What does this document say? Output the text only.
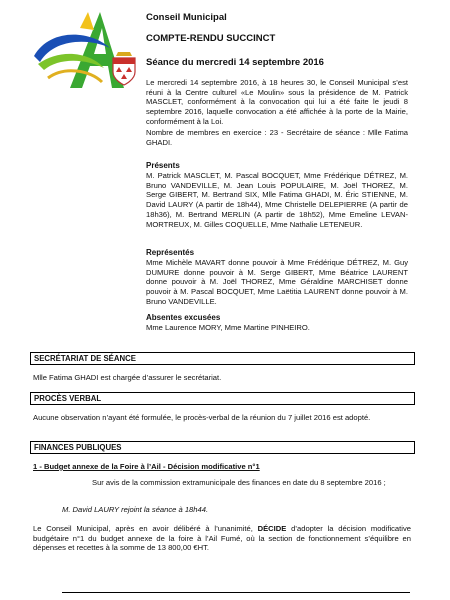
Conseil Municipal
COMPTE-RENDU SUCCINCT
Séance du mercredi 14 septembre 2016
Le mercredi 14 septembre 2016, à 18 heures 30, le Conseil Municipal s’est réuni à la Centre culturel «Le Moulin» sous la présidence de M. Patrick MASCLET, conformément à la convocation qui lui a été faite le jeudi 8 septembre 2016, laquelle convocation a été affichée à la porte de la Mairie, conformément à la Loi.
Nombre de membres en exercice : 23 - Secrétaire de séance : Mlle Fatima GHADI.
Présents
M. Patrick MASCLET, M. Pascal BOCQUET, Mme Frédérique DÉTREZ, M. Bruno VANDEVILLE, M. Jean Louis POPULAIRE, M. Joël THOREZ, M. Serge GIBERT, M. Bertrand SIX, Mlle Fatima GHADI, M. Éric STIENNE, M. David LAURY (A partir de 18h44), Mme Christelle DELEPIERRE (A partir de 18h36), M. Bertrand MERLIN (A partir de 18h52), Mme Emeline LEVAN-MORTREUX, M. Gilles COQUELLE, Mme Nathalie LETENEUR.
Représentés
Mme Michèle MAVART donne pouvoir à Mme Frédérique DÉTREZ, M. Guy DUMURE donne pouvoir à M. Serge GIBERT, Mme Béatrice LAURENT donne pouvoir à M. Joël THOREZ, Mme Géraldine MARCHISET donne pouvoir à M. Pascal BOCQUET, Mme Laëtitia LAURENT donne pouvoir à M. Bruno VANDEVILLE.
Absentes excusées
Mme Laurence MORY, Mme Martine PINHEIRO.
SECRÉTARIAT DE SÉANCE
Mlle Fatima GHADI est chargée d’assurer le secrétariat.
PROCÈS VERBAL
Aucune observation n’ayant été formulée, le procès-verbal de la réunion du 7 juillet 2016 est adopté.
FINANCES PUBLIQUES
1 - Budget annexe de la Foire à l’Ail - Décision modificative n°1
Sur avis de la commission extramunicipale des finances en date du 8 septembre 2016 ;
M. David LAURY rejoint la séance à 18h44.
Le Conseil Municipal, après en avoir délibéré à l’unanimité, DÉCIDE d’adopter la décision modificative budgétaire n°1 du budget annexe de la foire à l’Ail Fumé, où la section de fonctionnement s’équilibre en dépenses et recettes à la somme de 13 800,00 €HT.
